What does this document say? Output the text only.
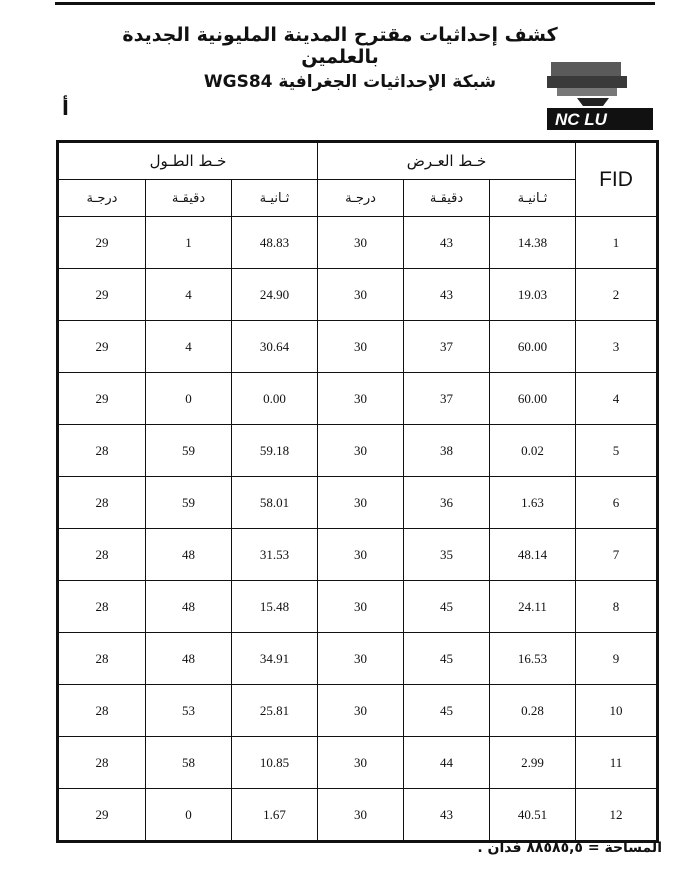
كشف إحداثيات مقترح المدينة المليونية الجديدة بالعلمين
شبكة الإحداثيات الجغرافية WGS84
أ	NC LU
خـط الطـول			خـط العـرض			FID
درجـة	دقيقـة	ثـانيـة	درجـة	دقيقـة	ثـانيـة	
29	1	48.83	30	43	14.38	1
29	4	24.90	30	43	19.03	2
29	4	30.64	30	37	60.00	3
29	0	0.00	30	37	60.00	4
28	59	59.18	30	38	0.02	5
28	59	58.01	30	36	1.63	6
28	48	31.53	30	35	48.14	7
28	48	15.48	30	45	24.11	8
28	48	34.91	30	45	16.53	9
28	53	25.81	30	45	0.28	10
28	58	10.85	30	44	2.99	11
29	0	1.67	30	43	40.51	12
المساحة = ٨٨٥٨٥,٥ فدان .
